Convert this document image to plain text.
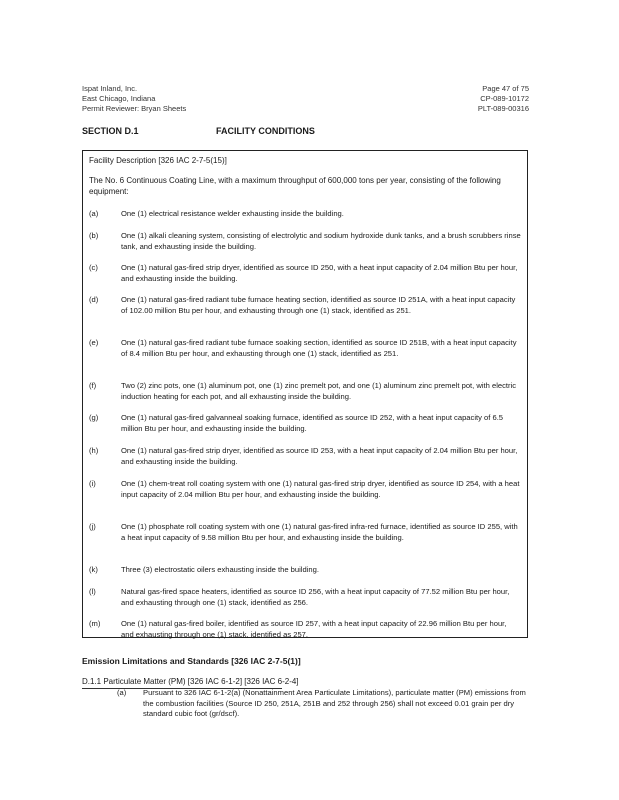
Ispat Inland, Inc.
East Chicago, Indiana
Permit Reviewer: Bryan Sheets
Page 47 of 75
CP-089-10172
PLT-089-00316
SECTION D.1	FACILITY CONDITIONS
Facility Description [326 IAC 2-7-5(15)]
The No. 6 Continuous Coating Line, with a maximum throughput of 600,000 tons per year, consisting of the following equipment:
(a)	One (1) electrical resistance welder exhausting inside the building.
(b)	One (1) alkali cleaning system, consisting of electrolytic and sodium hydroxide dunk tanks, and a brush scrubbers rinse tank, and exhausting inside the building.
(c)	One (1) natural gas-fired strip dryer, identified as source ID 250, with a heat input capacity of 2.04 million Btu per hour, and exhausting inside the building.
(d)	One (1) natural gas-fired radiant tube furnace heating section, identified as source ID 251A, with a heat input capacity of 102.00 million Btu per hour, and exhausting through one (1) stack, identified as 251.
(e)	One (1) natural gas-fired radiant tube furnace soaking section, identified as source ID 251B, with a heat input capacity of 8.4 million Btu per hour, and exhausting through one (1) stack, identified as 251.
(f)	Two (2) zinc pots, one (1) aluminum pot, one (1) zinc premelt pot, and one (1) aluminum zinc premelt pot, with electric induction heating for each pot, and all exhausting inside the building.
(g)	One (1) natural gas-fired galvanneal soaking furnace, identified as source ID 252, with a heat input capacity of 6.5 million Btu per hour, and exhausting inside the building.
(h)	One (1) natural gas-fired strip dryer, identified as source ID 253, with a heat input capacity of 2.04 million Btu per hour, and exhausting inside the building.
(i)	One (1) chem-treat roll coating system with one (1) natural gas-fired strip dryer, identified as source ID 254, with a heat input capacity of 2.04 million Btu per hour, and exhausting inside the building.
(j)	One (1) phosphate roll coating system with one (1) natural gas-fired infra-red furnace, identified as source ID 255, with a heat input capacity of 9.58 million Btu per hour, and exhausting inside the building.
(k)	Three (3) electrostatic oilers exhausting inside the building.
(l)	Natural gas-fired space heaters, identified as source ID 256, with a heat input capacity of 77.52 million Btu per hour, and exhausting through one (1) stack, identified as 256.
(m)	One (1) natural gas-fired boiler, identified as source ID 257, with a heat input capacity of 22.96 million Btu per hour, and exhausting through one (1) stack, identified as 257.
Emission Limitations and Standards [326 IAC 2-7-5(1)]
D.1.1 Particulate Matter (PM) [326 IAC 6-1-2] [326 IAC 6-2-4]
(a) Pursuant to 326 IAC 6-1-2(a) (Nonattainment Area Particulate Limitations), particulate matter (PM) emissions from the combustion facilities (Source ID 250, 251A, 251B and 252 through 256) shall not exceed 0.01 grain per dry standard cubic foot (gr/dscf).
